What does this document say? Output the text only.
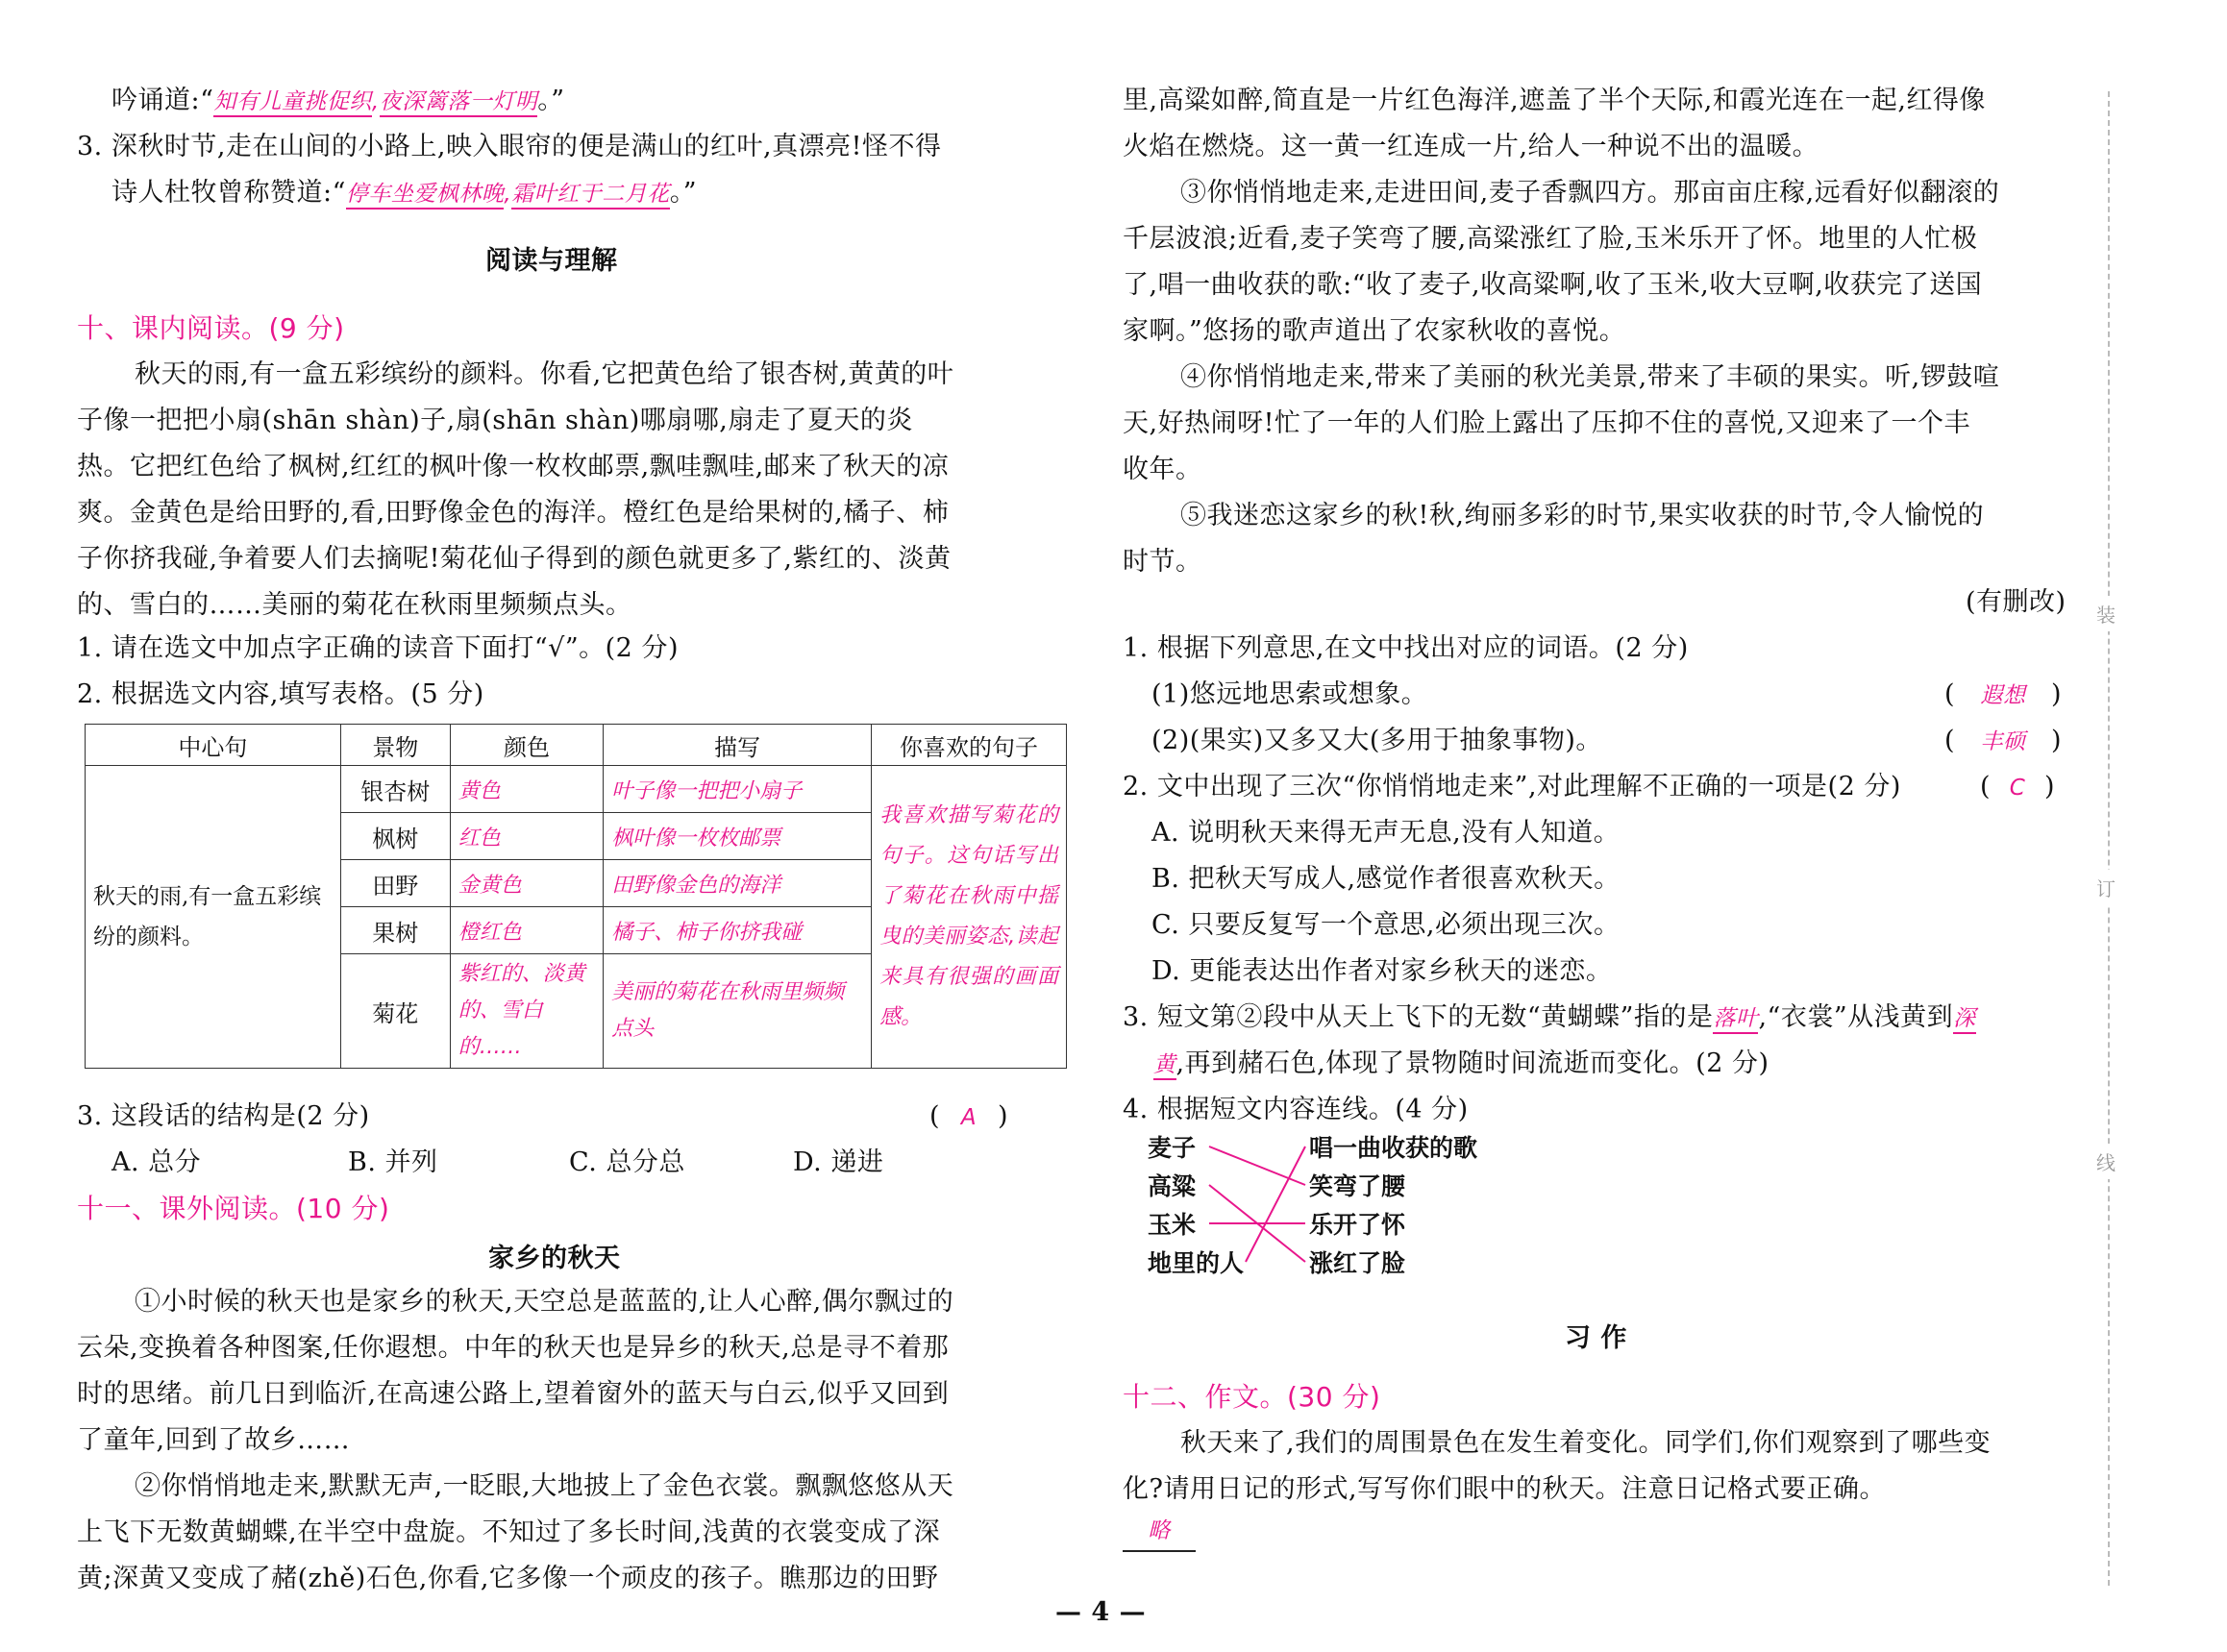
吟诵道:“知有儿童挑促织,夜深篱落一灯明。”
3. 深秋时节,走在山间的小路上,映入眼帘的便是满山的红叶,真漂亮!怪不得
诗人杜牧曾称赞道:“停车坐爱枫林晚,霜叶红于二月花。”
阅读与理解
十、课内阅读。(9 分)
秋天的雨,有一盒五彩缤纷的颜料。你看,它把黄色给了银杏树,黄黄的叶
子像一把把小扇(shān shàn)子,扇(shān shàn)哪扇哪,扇走了夏天的炎
热。它把红色给了枫树,红红的枫叶像一枚枚邮票,飘哇飘哇,邮来了秋天的凉
爽。金黄色是给田野的,看,田野像金色的海洋。橙红色是给果树的,橘子、柿
子你挤我碰,争着要人们去摘呢!菊花仙子得到的颜色就更多了,紫红的、淡黄
的、雪白的……美丽的菊花在秋雨里频频点头。
1. 请在选文中加点字正确的读音下面打“√”。(2 分)
2. 根据选文内容,填写表格。(5 分)
中心句	景物	颜色	描写	你喜欢的句子
秋天的雨,有一盒五彩缤纷的颜料。	银杏树	黄色	叶子像一把把小扇子	我喜欢描写菊花的句子。这句话写出了菊花在秋雨中摇曳的美丽姿态,读起来具有很强的画面感。
	枫树	红色	枫叶像一枚枚邮票	
	田野	金黄色	田野像金色的海洋	
	果树	橙红色	橘子、柿子你挤我碰	
	菊花	紫红的、淡黄的、雪白的……	美丽的菊花在秋雨里频频点头	
3. 这段话的结构是(2 分)	( A )
A. 总分	B. 并列	C. 总分总	D. 递进
十一、课外阅读。(10 分)
家乡的秋天
①小时候的秋天也是家乡的秋天,天空总是蓝蓝的,让人心醉,偶尔飘过的
云朵,变换着各种图案,任你遐想。中年的秋天也是异乡的秋天,总是寻不着那
时的思绪。前几日到临沂,在高速公路上,望着窗外的蓝天与白云,似乎又回到
了童年,回到了故乡……
②你悄悄地走来,默默无声,一眨眼,大地披上了金色衣裳。飘飘悠悠从天
上飞下无数黄蝴蝶,在半空中盘旋。不知过了多长时间,浅黄的衣裳变成了深
黄;深黄又变成了赭(zhě)石色,你看,它多像一个顽皮的孩子。瞧那边的田野
里,高粱如醉,简直是一片红色海洋,遮盖了半个天际,和霞光连在一起,红得像
火焰在燃烧。这一黄一红连成一片,给人一种说不出的温暖。
③你悄悄地走来,走进田间,麦子香飘四方。那亩亩庄稼,远看好似翻滚的
千层波浪;近看,麦子笑弯了腰,高粱涨红了脸,玉米乐开了怀。地里的人忙极
了,唱一曲收获的歌:“收了麦子,收高粱啊,收了玉米,收大豆啊,收获完了送国
家啊。”悠扬的歌声道出了农家秋收的喜悦。
④你悄悄地走来,带来了美丽的秋光美景,带来了丰硕的果实。听,锣鼓喧
天,好热闹呀!忙了一年的人们脸上露出了压抑不住的喜悦,又迎来了一个丰
收年。
⑤我迷恋这家乡的秋!秋,绚丽多彩的时节,果实收获的时节,令人愉悦的
时节。
(有删改)
1. 根据下列意思,在文中找出对应的词语。(2 分)
(1)悠远地思索或想象。	( 遐想 )
(2)(果实)又多又大(多用于抽象事物)。	( 丰硕 )
2. 文中出现了三次“你悄悄地走来”,对此理解不正确的一项是(2 分)	( C )
A. 说明秋天来得无声无息,没有人知道。
B. 把秋天写成人,感觉作者很喜欢秋天。
C. 只要反复写一个意思,必须出现三次。
D. 更能表达出作者对家乡秋天的迷恋。
3. 短文第②段中从天上飞下的无数“黄蝴蝶”指的是落叶,“衣裳”从浅黄到深
黄,再到赭石色,体现了景物随时间流逝而变化。(2 分)
4. 根据短文内容连线。(4 分)
麦子
高粱
玉米
地里的人
唱一曲收获的歌
笑弯了腰
乐开了怀
涨红了脸
习 作
十二、作文。(30 分)
秋天来了,我们的周围景色在发生着变化。同学们,你们观察到了哪些变
化?请用日记的形式,写写你们眼中的秋天。注意日记格式要正确。
略
— 4 —
装
订
线
